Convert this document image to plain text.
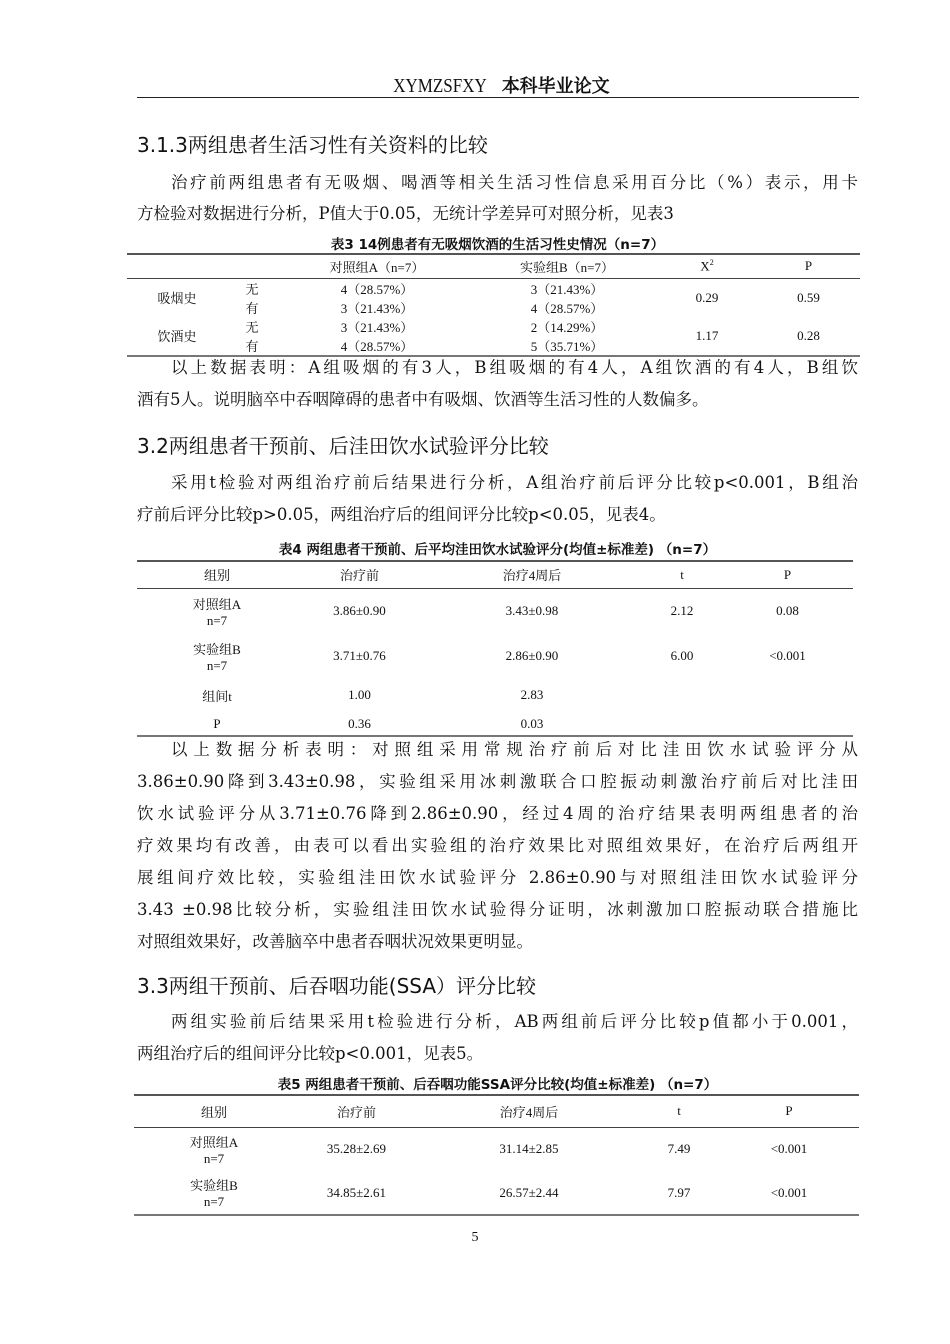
XYMZSFXY 本科毕业论文
3.1.3两组患者生活习性有关资料的比较
治疗前两组患者有无吸烟、喝酒等相关生活习性信息采用百分比（%）表示，用卡
方检验对数据进行分析，P值大于0.05，无统计学差异可对照分析，见表3
表3 14例患者有无吸烟饮酒的生活习性史情况（n=7）
		对照组A（n=7）	实验组B（n=7）	$X^2$	P
吸烟史	无	4（28.57%）	3（21.43%）	0.29	0.59
	有	3（21.43%）	4（28.57%）		
饮酒史	无	3（21.43%）	2（14.29%）	1.17	0.28
	有	4（28.57%）	5（35.71%）		
以上数据表明：A组吸烟的有3人，B组吸烟的有4人，A组饮酒的有4人，B组饮
酒有5人。说明脑卒中吞咽障碍的患者中有吸烟、饮酒等生活习性的人数偏多。
3.2两组患者干预前、后洼田饮水试验评分比较
采用t检验对两组治疗前后结果进行分析，A组治疗前后评分比较p<0.001，B组治
疗前后评分比较p>0.05，两组治疗后的组间评分比较p<0.05，见表4。
表4 两组患者干预前、后平均洼田饮水试验评分(均值±标准差) （n=7）
组别	治疗前	治疗4周后	t	P
对照组A
n=7	3.86±0.90	3.43±0.98	2.12	0.08
实验组B
n=7	3.71±0.76	2.86±0.90	6.00	<0.001
组间t	1.00	2.83		
P	0.36	0.03		
以上数据分析表明：对照组采用常规治疗前后对比洼田饮水试验评分从
3.86±0.90降到3.43±0.98，实验组采用冰刺激联合口腔振动刺激治疗前后对比洼田
饮水试验评分从3.71±0.76降到2.86±0.90，经过4周的治疗结果表明两组患者的治
疗效果均有改善，由表可以看出实验组的治疗效果比对照组效果好，在治疗后两组开
展组间疗效比较，实验组洼田饮水试验评分 2.86±0.90与对照组洼田饮水试验评分
3.43 ±0.98比较分析，实验组洼田饮水试验得分证明，冰刺激加口腔振动联合措施比
对照组效果好，改善脑卒中患者吞咽状况效果更明显。
3.3两组干预前、后吞咽功能(SSA）评分比较
两组实验前后结果采用t检验进行分析，AB两组前后评分比较p值都小于0.001，
两组治疗后的组间评分比较p<0.001，见表5。
表5 两组患者干预前、后吞咽功能SSA评分比较(均值±标准差) （n=7）
组别	治疗前	治疗4周后	t	P
对照组A
n=7	35.28±2.69	31.14±2.85	7.49	<0.001
实验组B
n=7	34.85±2.61	26.57±2.44	7.97	<0.001
5
